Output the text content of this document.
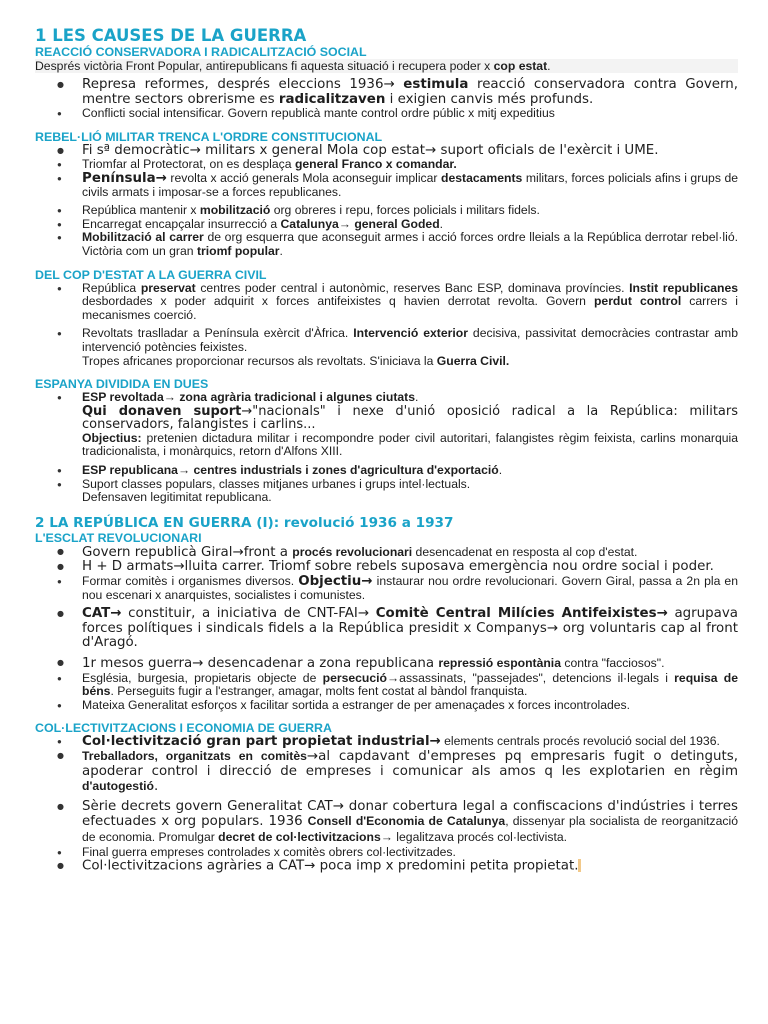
1 LES CAUSES DE LA GUERRA
REACCIÓ CONSERVADORA I RADICALITZACIÓ SOCIAL

Després victòria Front Popular, antirepublicans fi aquesta situació i recupera poder x cop estat.

● Represa reformes, després eleccions 1936→ estimula reacció conservadora contra Govern, mentre sectors obrerisme es radicalitzaven i exigien canvis més profunds.
● Conflicti social intensificar. Govern republicà mante control ordre públic x mitj expeditius
REBEL·LIÓ MILITAR TRENCA L'ORDRE CONSTITUCIONAL
● Fi sª democràtic→ militars x general Mola cop estat→ suport oficials de l'exèrcit i UME.
● Triomfar al Protectorat, on es desplaça general Franco x comandar.
● Península→ revolta x acció generals Mola aconseguir implicar destacaments militars, forces policials afins i grups de civils armats i imposar-se a forces republicanes.
● República mantenir x mobilització org obreres i repu, forces policials i militars fidels.
● Encarregat encapçalar insurrecció a Catalunya→ general Goded.
● Mobilització al carrer de org esquerra que aconseguit armes i acció forces ordre lleials a la República derrotar rebel·lió. Victòria com un gran triomf popular.
DEL COP D'ESTAT A LA GUERRA CIVIL
● República preservat centres poder central i autonòmic, reserves Banc ESP, dominava províncies. Instit republicanes desbordades x poder adquirit x forces antifeixistes q havien derrotat revolta. Govern perdut control carrers i mecanismes coerció.
● Revoltats traslladar a Península exèrcit d'Àfrica. Intervenció exterior decisiva, passivitat democràcies contrastar amb intervenció potències feixistes.
Tropes africanes proporcionar recursos als revoltats. S'iniciava la Guerra Civil.
ESPANYA DIVIDIDA EN DUES
● ESP revoltada→ zona agrària tradicional i algunes ciutats.
Qui donaven suport→"nacionals" i nexe d'unió oposició radical a la República: militars conservadors, falangistes i carlins...
Objectius: pretenien dictadura militar i recompondre poder civil autoritari, falangistes règim feixista, carlins monarquia tradicionalista, i monàrquics, retorn d'Alfons XIII.
● ESP republicana→ centres industrials i zones d'agricultura d'exportació.
● Suport classes populars, classes mitjanes urbanes i grups intel·lectuals.
Defensaven legitimitat republicana.
2 LA REPÚBLICA EN GUERRA (I): revolució 1936 a 1937
L'ESCLAT REVOLUCIONARI
● Govern republicà Giral→front a procés revolucionari desencadenat en resposta al cop d'estat.
● H + D armats→lluita carrer. Triomf sobre rebels suposava emergència nou ordre social i poder.
● Formar comitès i organismes diversos. Objectiu→ instaurar nou ordre revolucionari. Govern Giral, passa a 2n pla en nou escenari x anarquistes, socialistes i comunistes.
● CAT→ constituir, a iniciativa de CNT-FAI→ Comitè Central Milícies Antifeixistes→ agrupava forces polítiques i sindicals fidels a la República presidit x Companys→ org voluntaris cap al front d'Aragó.
● 1r mesos guerra→ desencadenar a zona republicana repressió espontània contra "facciosos".
● Església, burgesia, propietaris objecte de persecució→assassinats, "passejades", detencions il·legals i requisa de béns. Perseguits fugir a l'estranger, amagar, molts fent costat al bàndol franquista.
● Mateixa Generalitat esforços x facilitar sortida a estranger de per amenaçades x forces incontrolades.
COL·LECTIVITZACIONS I ECONOMIA DE GUERRA
● Col·lectivització gran part propietat industrial→ elements centrals procés revolució social del 1936.
● Treballadors, organitzats en comitès→al capdavant d'empreses pq empresaris fugit o detinguts, apoderar control i direcció de empreses i comunicar als amos q les explotarien en règim d'autogestió.
● Sèrie decrets govern Generalitat CAT→ donar cobertura legal a confiscacions d'indústries i terres efectuades x org populars. 1936 Consell d'Economia de Catalunya, dissenyar pla socialista de reorganització de economia. Promulgar decret de col·lectivitzacions→ legalitzava procés col·lectivista.
● Final guerra empreses controlades x comitès obrers col·lectivitzades.
● Col·lectivitzacions agràries a CAT→ poca imp x predomini petita propietat.
